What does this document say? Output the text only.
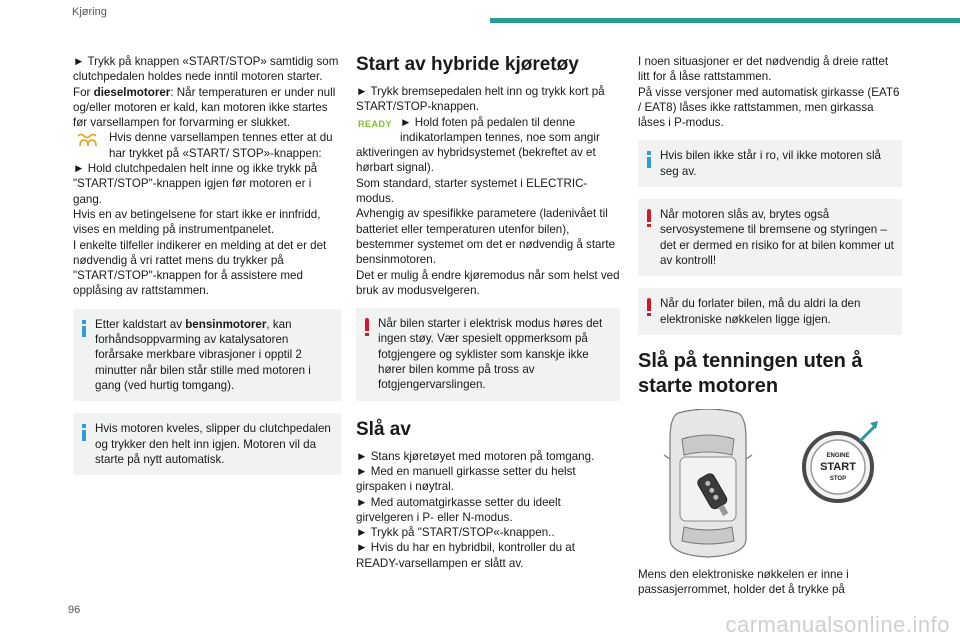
Kjøring

► Trykk på knappen «START/STOP» samtidig som clutchpedalen holdes nede inntil motoren starter.

For dieselmotorer: Når temperaturen er under null og/eller motoren er kald, kan motoren ikke startes før varsellampen for forvarming er slukket.

Hvis denne varsellampen tennes etter at du har trykket på «START/ STOP»-knappen:

► Hold clutchpedalen helt inne og ikke trykk på "START/STOP"-knappen igjen før motoren er i gang.

Hvis en av betingelsene for start ikke er innfridd, vises en melding på instrumentpanelet.

I enkelte tilfeller indikerer en melding at det er det nødvendig å vri rattet mens du trykker på "START/STOP"-knappen for å assistere med opplåsing av rattstammen.

Etter kaldstart av bensinmotorer, kan forhåndsoppvarming av katalysatoren forårsake merkbare vibrasjoner i opptil 2 minutter når bilen står stille med motoren i gang (ved hurtig tomgang).
Hvis motoren kveles, slipper du clutchpedalen og trykker den helt inn igjen. Motoren vil da starte på nytt automatisk.
Start av hybride kjøretøy

► Trykk bremsepedalen helt inn og trykk kort på START/STOP-knappen.

READY ► Hold foten på pedalen til denne indikatorlampen tennes, noe som angir aktiveringen av hybridsystemet (bekreftet av et hørbart signal).

Som standard, starter systemet i ELECTRIC-modus.

Avhengig av spesifikke parametere (ladenivået til batteriet eller temperaturen utenfor bilen), bestemmer systemet om det er nødvendig å starte bensinmotoren.

Det er mulig å endre kjøremodus når som helst ved bruk av modusvelgeren.

Når bilen starter i elektrisk modus høres det ingen støy. Vær spesielt oppmerksom på fotgjengere og syklister som kanskje ikke hører bilen komme på tross av fotgjengervarslingen.
Slå av

► Stans kjøretøyet med motoren på tomgang.

► Med en manuell girkasse setter du helst girspaken i nøytral.

► Med automatgirkasse setter du ideelt girvelgeren i P- eller N-modus.

► Trykk på "START/STOP«-knappen..

► Hvis du har en hybridbil, kontroller du at READY-varsellampen er slått av.

I noen situasjoner er det nødvendig å dreie rattet litt for å låse rattstammen.

På visse versjoner med automatisk girkasse (EAT6 / EAT8) låses ikke rattstammen, men girkassa låses i P-modus.

Hvis bilen ikke står i ro, vil ikke motoren slå seg av.
Når motoren slås av, brytes også servosystemene til bremsene og styringen – det er dermed en risiko for at bilen kommer ut av kontroll!
Når du forlater bilen, må du aldri la den elektroniske nøkkelen ligge igjen.
Slå på tenningen uten å starte motoren
ENGINE
START
STOP

Mens den elektroniske nøkkelen er inne i passasjerrommet, holder det å trykke på

96
carmanualsonline.info
